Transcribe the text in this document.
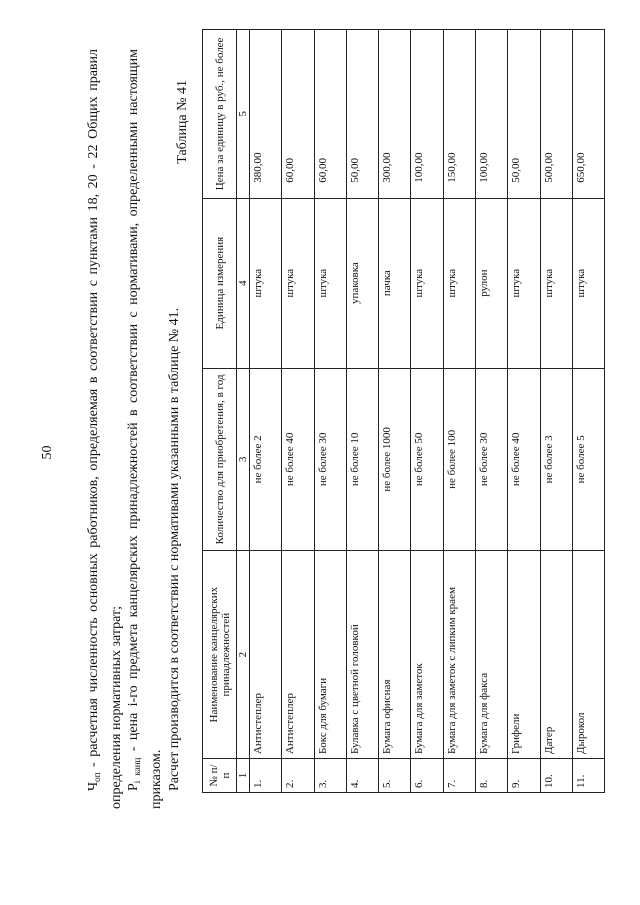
50

$Ч_{оп}$ - расчетная численность основных работников, определяемая в соответствии с пунктами 18, 20 - 22 Общих правил определения нормативных затрат; $P_i$ $_{канц}$ - цена i-го предмета канцелярских принадлежностей в соответствии с нормативами, определенными настоящим приказом. Расчет производится в соответствии с нормативами указанными в таблице № 41.

Таблица № 41
№ п/п	Наименование канцелярских принадлежностей	Количество для приобретения, в год	Единица измерения	Цена за единицу в руб., не более
1	2	3	4	5
1.	Антистеплер	не более 2	штука	380,00
2.	Антистеплер	не более 40	штука	60,00
3.	Бокс для бумаги	не более 30	штука	60,00
4.	Булавка с цветной головкой	не более 10	упаковка	50,00
5.	Бумага офисная	не более 1000	пачка	300,00
6.	Бумага для заметок	не более 50	штука	100,00
7.	Бумага для заметок с липким краем	не более 100	штука	150,00
8.	Бумага для факса	не более 30	рулон	100,00
9.	Грифели	не более 40	штука	50,00
10.	Датер	не более 3	штука	500,00
11.	Дырокол	не более 5	штука	650,00
